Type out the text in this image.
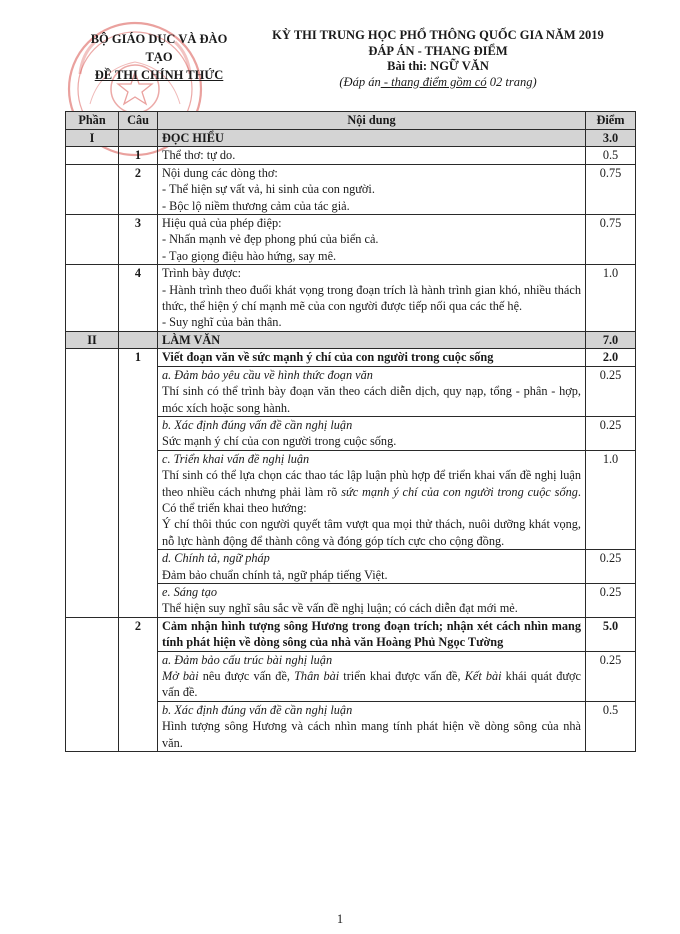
BỘ GIÁO DỤC VÀ ĐÀO TẠO
ĐỀ THI CHÍNH THỨC
KỲ THI TRUNG HỌC PHỔ THÔNG QUỐC GIA NĂM 2019
ĐÁP ÁN - THANG ĐIỂM
Bài thi: NGỮ VĂN
(Đáp án - thang điểm gồm có 02 trang)
Phần	Câu	Nội dung	Điểm
I		ĐỌC HIỂU	3.0
	1	Thể thơ: tự do.	0.5
	2	Nội dung các dòng thơ:
- Thể hiện sự vất vả, hi sinh của con người.
- Bộc lộ niềm thương cảm của tác giả.	0.75
	3	Hiệu quả của phép điệp:
- Nhấn mạnh vẻ đẹp phong phú của biển cả.
- Tạo giọng điệu hào hứng, say mê.	0.75
	4	Trình bày được:
- Hành trình theo đuổi khát vọng trong đoạn trích là hành trình gian khó, nhiều thách thức, thể hiện ý chí mạnh mẽ của con người được tiếp nối qua các thế hệ.
- Suy nghĩ của bản thân.	1.0
II		LÀM VĂN	7.0
	1	Viết đoạn văn về sức mạnh ý chí của con người trong cuộc sống	2.0

		a. Đảm bảo yêu cầu về hình thức đoạn văn
Thí sinh có thể trình bày đoạn văn theo cách diễn dịch, quy nạp, tổng - phân - hợp, móc xích hoặc song hành.	0.25

		b. Xác định đúng vấn đề cần nghị luận
Sức mạnh ý chí của con người trong cuộc sống.	0.25

		c. Triển khai vấn đề nghị luận
Thí sinh có thể lựa chọn các thao tác lập luận phù hợp để triển khai vấn đề nghị luận theo nhiều cách nhưng phải làm rõ sức mạnh ý chí của con người trong cuộc sống. Có thể triển khai theo hướng:
Ý chí thôi thúc con người quyết tâm vượt qua mọi thử thách, nuôi dưỡng khát vọng, nỗ lực hành động để thành công và đóng góp tích cực cho cộng đồng.	1.0

		d. Chính tả, ngữ pháp
Đảm bảo chuẩn chính tả, ngữ pháp tiếng Việt.	0.25

		e. Sáng tạo
Thể hiện suy nghĩ sâu sắc về vấn đề nghị luận; có cách diễn đạt mới mẻ.	0.25
	2	Cảm nhận hình tượng sông Hương trong đoạn trích; nhận xét cách nhìn mang tính phát hiện về dòng sông của nhà văn Hoàng Phủ Ngọc Tường	5.0

		a. Đảm bảo cấu trúc bài nghị luận
Mở bài nêu được vấn đề, Thân bài triển khai được vấn đề, Kết bài khái quát được vấn đề.	0.25

		b. Xác định đúng vấn đề cần nghị luận
Hình tượng sông Hương và cách nhìn mang tính phát hiện về dòng sông của nhà văn.	0.5
1
